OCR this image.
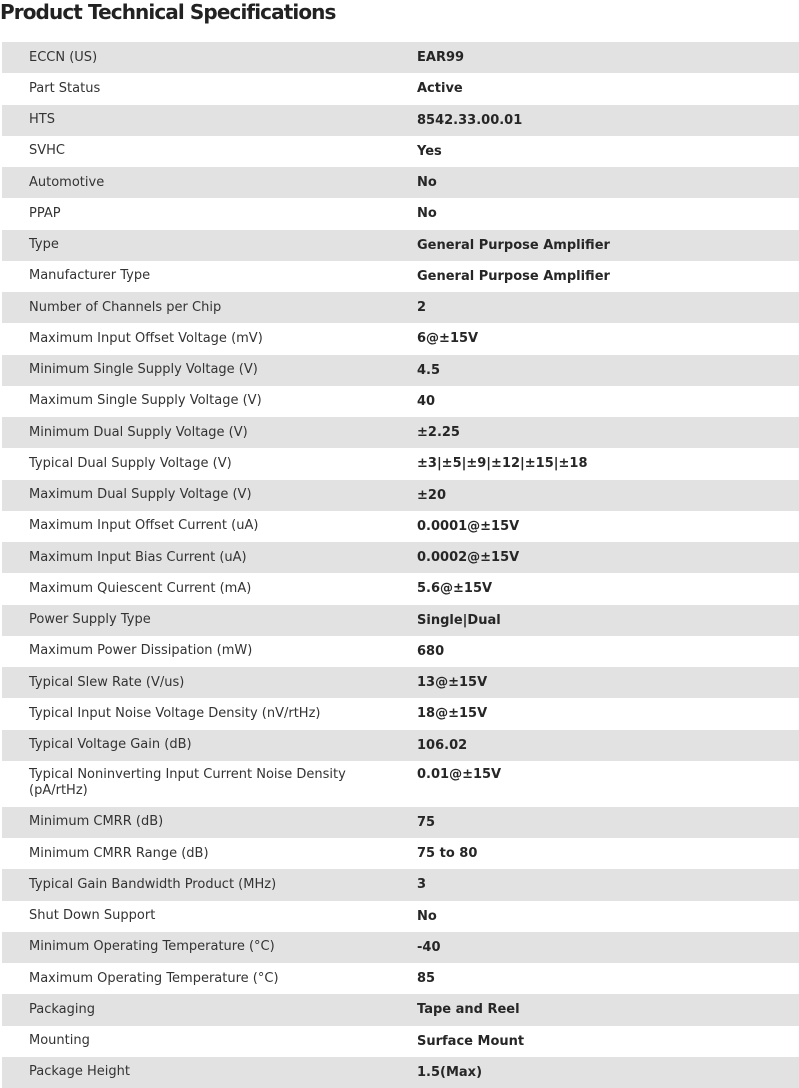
Product Technical Specifications
ECCN (US)	EAR99
Part Status	Active
HTS	8542.33.00.01
SVHC	Yes
Automotive	No
PPAP	No
Type	General Purpose Amplifier
Manufacturer Type	General Purpose Amplifier
Number of Channels per Chip	2
Maximum Input Offset Voltage (mV)	6@±15V
Minimum Single Supply Voltage (V)	4.5
Maximum Single Supply Voltage (V)	40
Minimum Dual Supply Voltage (V)	±2.25
Typical Dual Supply Voltage (V)	±3|±5|±9|±12|±15|±18
Maximum Dual Supply Voltage (V)	±20
Maximum Input Offset Current (uA)	0.0001@±15V
Maximum Input Bias Current (uA)	0.0002@±15V
Maximum Quiescent Current (mA)	5.6@±15V
Power Supply Type	Single|Dual
Maximum Power Dissipation (mW)	680
Typical Slew Rate (V/us)	13@±15V
Typical Input Noise Voltage Density (nV/rtHz)	18@±15V
Typical Voltage Gain (dB)	106.02
Typical Noninverting Input Current Noise Density (pA/rtHz)	0.01@±15V
Minimum CMRR (dB)	75
Minimum CMRR Range (dB)	75 to 80
Typical Gain Bandwidth Product (MHz)	3
Shut Down Support	No
Minimum Operating Temperature (°C)	-40
Maximum Operating Temperature (°C)	85
Packaging	Tape and Reel
Mounting	Surface Mount
Package Height	1.5(Max)
